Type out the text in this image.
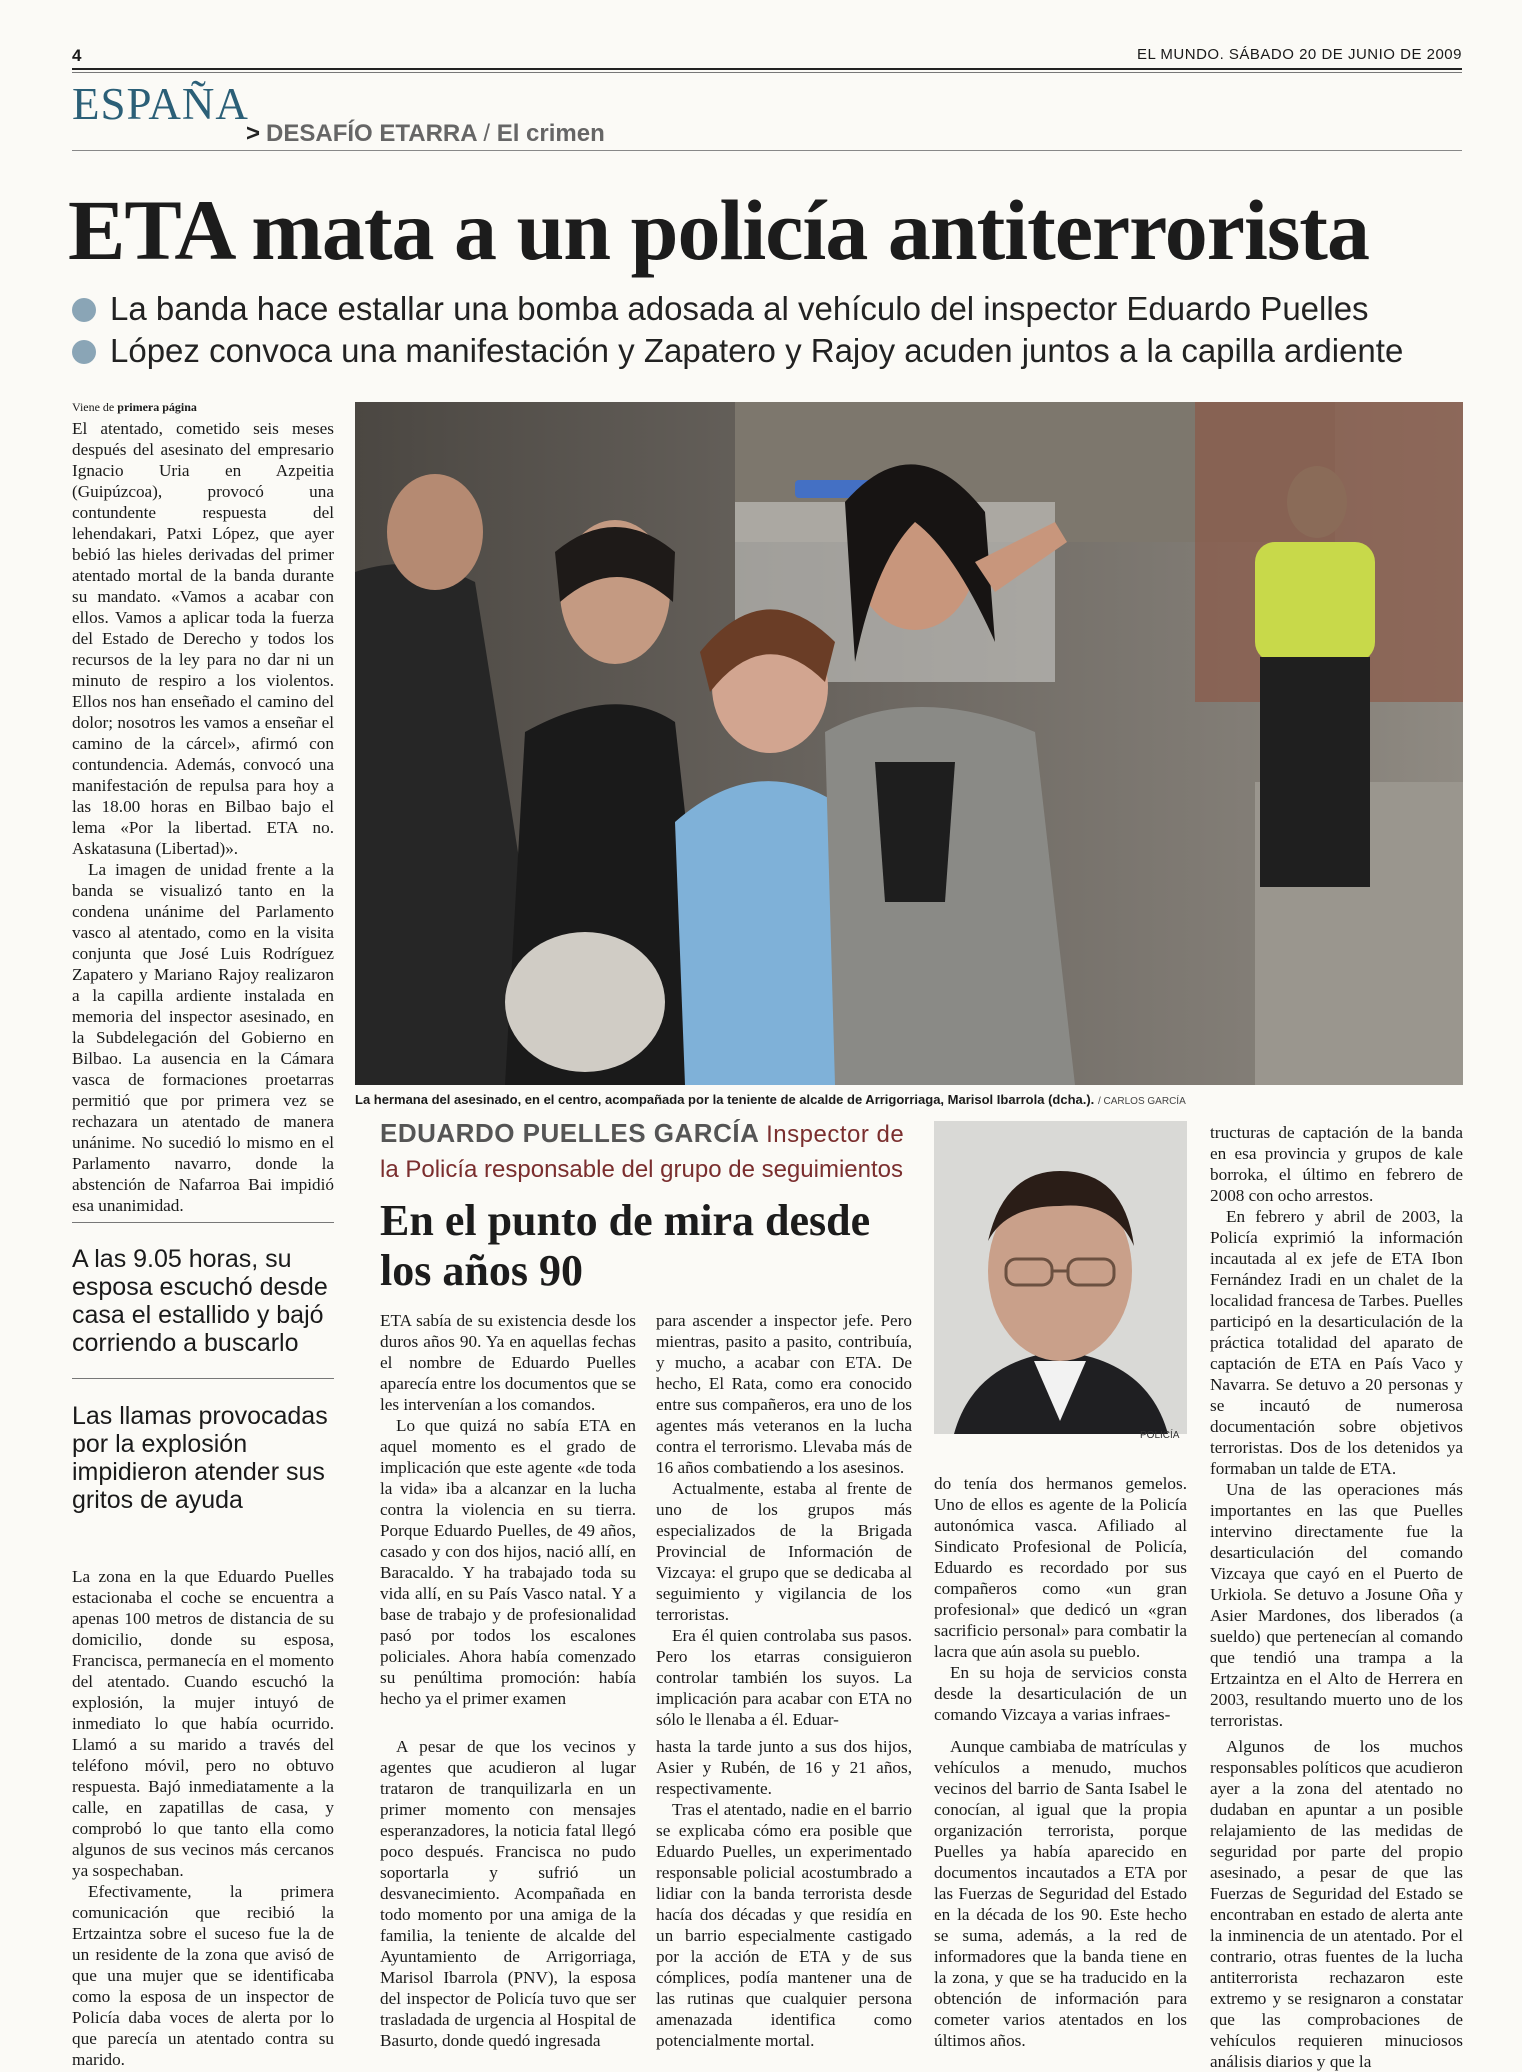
4	EL MUNDO. SÁBADO 20 DE JUNIO DE 2009
ESPAÑA
> DESAFÍO ETARRA / El crimen
ETA mata a un policía antiterrorista
La banda hace estallar una bomba adosada al vehículo del inspector Eduardo Puelles
López convoca una manifestación y Zapatero y Rajoy acuden juntos a la capilla ardiente
Viene de primera página

El atentado, cometido seis meses después del asesinato del empresario Ignacio Uria en Azpeitia (Guipúzcoa), provocó una contundente respuesta del lehendakari, Patxi López, que ayer bebió las hieles derivadas del primer atentado mortal de la banda durante su mandato. «Vamos a acabar con ellos. Vamos a aplicar toda la fuerza del Estado de Derecho y todos los recursos de la ley para no dar ni un minuto de respiro a los violentos. Ellos nos han enseñado el camino del dolor; nosotros les vamos a enseñar el camino de la cárcel», afirmó con contundencia. Además, convocó una manifestación de repulsa para hoy a las 18.00 horas en Bilbao bajo el lema «Por la libertad. ETA no. Askatasuna (Libertad)».

La imagen de unidad frente a la banda se visualizó tanto en la condena unánime del Parlamento vasco al atentado, como en la visita conjunta que José Luis Rodríguez Zapatero y Mariano Rajoy realizaron a la capilla ardiente instalada en memoria del inspector asesinado, en la Subdelegación del Gobierno en Bilbao. La ausencia en la Cámara vasca de formaciones proetarras permitió que por primera vez se rechazara un atentado de manera unánime. No sucedió lo mismo en el Parlamento navarro, donde la abstención de Nafarroa Bai impidió esa unanimidad.

A las 9.05 horas, su esposa escuchó desde casa el estallido y bajó corriendo a buscarlo
Las llamas provocadas por la explosión impidieron atender sus gritos de ayuda

La zona en la que Eduardo Puelles estacionaba el coche se encuentra a apenas 100 metros de distancia de su domicilio, donde su esposa, Francisca, permanecía en el momento del atentado. Cuando escuchó la explosión, la mujer intuyó de inmediato lo que había ocurrido. Llamó a su marido a través del teléfono móvil, pero no obtuvo respuesta. Bajó inmediatamente a la calle, en zapatillas de casa, y comprobó lo que tanto ella como algunos de sus vecinos más cercanos ya sospechaban.

Efectivamente, la primera comunicación que recibió la Ertzaintza sobre el suceso fue la de un residente de la zona que avisó de que una mujer que se identificaba como la esposa de un inspector de Policía daba voces de alerta por lo que parecía un atentado contra su marido.

La hermana del asesinado, en el centro, acompañada por la teniente de alcalde de Arrigorriaga, Marisol Ibarrola (dcha.). / CARLOS GARCÍA
EDUARDO PUELLES GARCÍA Inspector de
la Policía responsable del grupo de seguimientos
En el punto de mira desde los años 90

ETA sabía de su existencia desde los duros años 90. Ya en aquellas fechas el nombre de Eduardo Puelles aparecía entre los documentos que se les intervenían a los comandos.

Lo que quizá no sabía ETA en aquel momento es el grado de implicación que este agente «de toda la vida» iba a alcanzar en la lucha contra la violencia en su tierra. Porque Eduardo Puelles, de 49 años, casado y con dos hijos, nació allí, en Baracaldo. Y ha trabajado toda su vida allí, en su País Vasco natal. Y a base de trabajo y de profesionalidad pasó por todos los escalones policiales. Ahora había comenzado su penúltima promoción: había hecho ya el primer examen

para ascender a inspector jefe. Pero mientras, pasito a pasito, contribuía, y mucho, a acabar con ETA. De hecho, El Rata, como era conocido entre sus compañeros, era uno de los agentes más veteranos en la lucha contra el terrorismo. Llevaba más de 16 años combatiendo a los asesinos.

Actualmente, estaba al frente de uno de los grupos más especializados de la Brigada Provincial de Información de Vizcaya: el grupo que se dedicaba al seguimiento y vigilancia de los terroristas.

Era él quien controlaba sus pasos. Pero los etarras consiguieron controlar también los suyos. La implicación para acabar con ETA no sólo le llenaba a él. Eduar-

POLICÍA

do tenía dos hermanos gemelos. Uno de ellos es agente de la Policía autonómica vasca. Afiliado al Sindicato Profesional de Policía, Eduardo es recordado por sus compañeros como «un gran profesional» que dedicó un «gran sacrificio personal» para combatir la lacra que aún asola su pueblo.

En su hoja de servicios consta desde la desarticulación de un comando Vizcaya a varias infraes-

tructuras de captación de la banda en esa provincia y grupos de kale borroka, el último en febrero de 2008 con ocho arrestos.

En febrero y abril de 2003, la Policía exprimió la información incautada al ex jefe de ETA Ibon Fernández Iradi en un chalet de la localidad francesa de Tarbes. Puelles participó en la desarticulación de la práctica totalidad del aparato de captación de ETA en País Vaco y Navarra. Se detuvo a 20 personas y se incautó de numerosa documentación sobre objetivos terroristas. Dos de los detenidos ya formaban un talde de ETA.

Una de las operaciones más importantes en las que Puelles intervino directamente fue la desarticulación del comando Vizcaya que cayó en el Puerto de Urkiola. Se detuvo a Josune Oña y Asier Mardones, dos liberados (a sueldo) que pertenecían al comando que tendió una trampa a la Ertzaintza en el Alto de Herrera en 2003, resultando muerto uno de los terroristas.

A pesar de que los vecinos y agentes que acudieron al lugar trataron de tranquilizarla en un primer momento con mensajes esperanzadores, la noticia fatal llegó poco después. Francisca no pudo soportarla y sufrió un desvanecimiento. Acompañada en todo momento por una amiga de la familia, la teniente de alcalde del Ayuntamiento de Arrigorriaga, Marisol Ibarrola (PNV), la esposa del inspector de Policía tuvo que ser trasladada de urgencia al Hospital de Basurto, donde quedó ingresada

hasta la tarde junto a sus dos hijos, Asier y Rubén, de 16 y 21 años, respectivamente.

Tras el atentado, nadie en el barrio se explicaba cómo era posible que Eduardo Puelles, un experimentado responsable policial acostumbrado a lidiar con la banda terrorista desde hacía dos décadas y que residía en un barrio especialmente castigado por la acción de ETA y de sus cómplices, podía mantener una de las rutinas que cualquier persona amenazada identifica como potencialmente mortal.

Aunque cambiaba de matrículas y vehículos a menudo, muchos vecinos del barrio de Santa Isabel le conocían, al igual que la propia organización terrorista, porque Puelles ya había aparecido en documentos incautados a ETA por las Fuerzas de Seguridad del Estado en la década de los 90. Este hecho se suma, además, a la red de informadores que la banda tiene en la zona, y que se ha traducido en la obtención de información para cometer varios atentados en los últimos años.

Algunos de los muchos responsables políticos que acudieron ayer a la zona del atentado no dudaban en apuntar a un posible relajamiento de las medidas de seguridad por parte del propio asesinado, a pesar de que las Fuerzas de Seguridad del Estado se encontraban en estado de alerta ante la inminencia de un atentado. Por el contrario, otras fuentes de la lucha antiterrorista rechazaron este extremo y se resignaron a constatar que las comprobaciones de vehículos requieren minuciosos análisis diarios y que la
